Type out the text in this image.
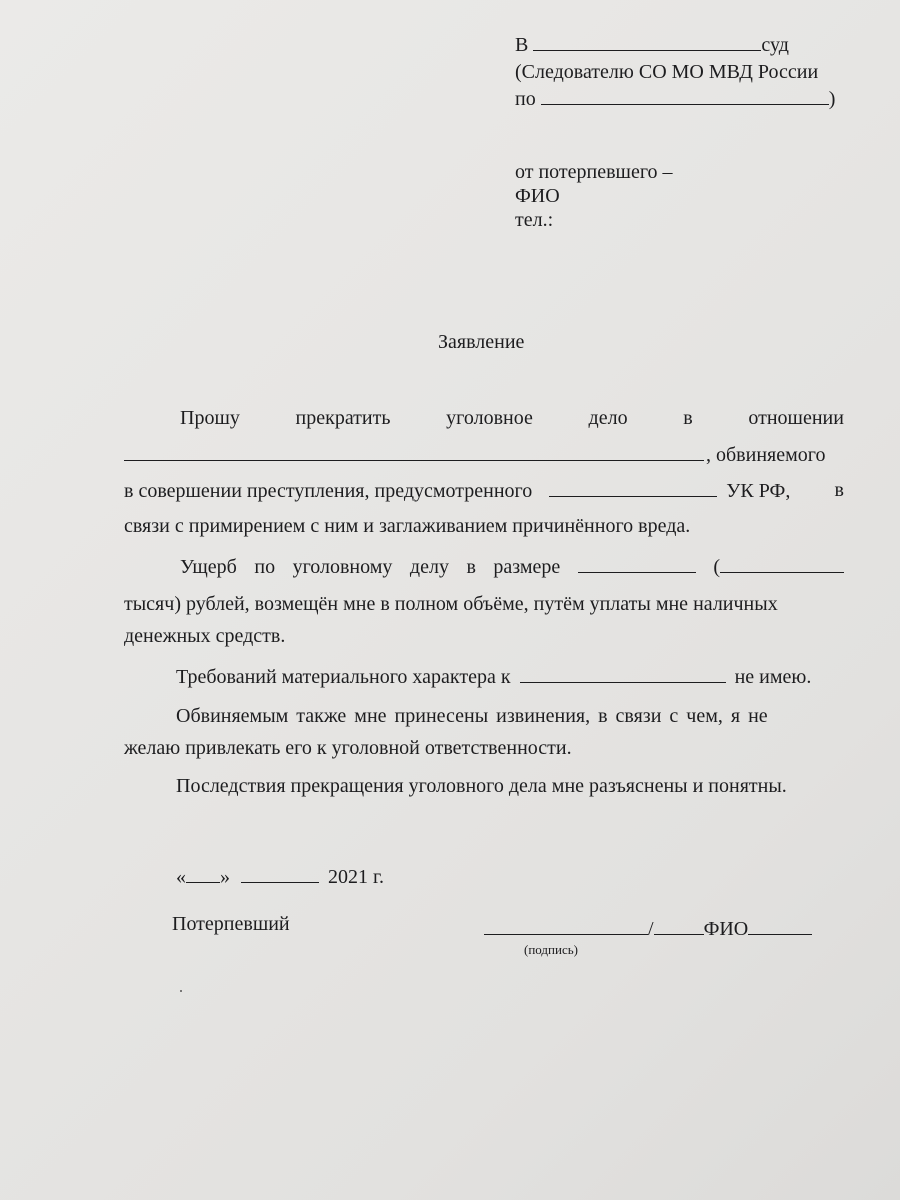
В	суд
(Следователю СО МО МВД России
по	)
от потерпевшего –
ФИО
тел.:
Заявление
Прошу	прекратить	уголовное	дело	в	отношении
, обвиняемого
в совершении преступления, предусмотренного	УК РФ, в
связи с примирением с ним и заглаживанием причинённого вреда.
Ущерб по уголовному делу в размере	(
тысяч) рублей, возмещён мне в полном объёме, путём уплаты мне наличных
денежных средств.
Требований материального характера к	не имею.
Обвиняемым также мне принесены извинения, в связи с чем, я не
желаю привлекать его к уголовной ответственности.
Последствия прекращения уголовного дела мне разъяснены и понятны.
« »	2021 г.
Потерпевший	/	ФИО
(подпись)
